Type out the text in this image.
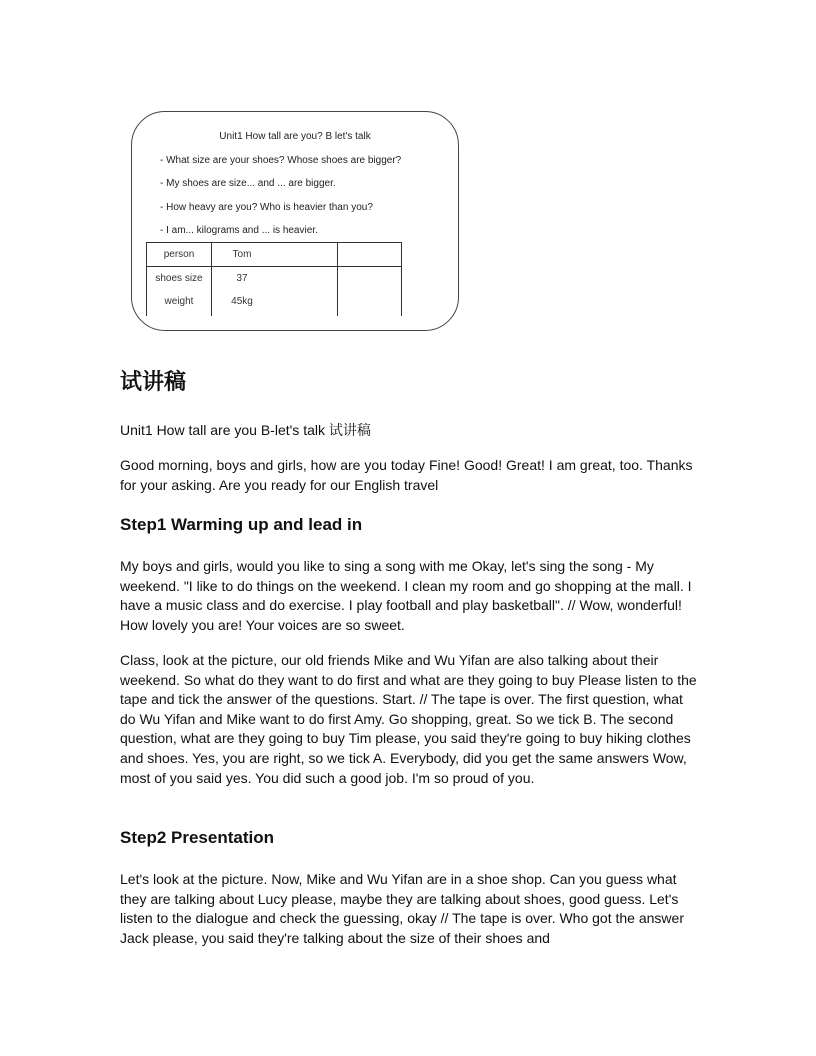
Unit1 How tall are you? B let's talk
- What size are your shoes? Whose shoes are bigger?
- My shoes are size... and ... are bigger.
- How heavy are you? Who is heavier than you?
- I am... kilograms and ... is heavier.
person	Tom
shoes size	37
weight	45kg
试讲稿

Unit1 How tall are you B-let's talk 试讲稿

Good morning, boys and girls, how are you today Fine! Good! Great! I am great, too. Thanks for your asking. Are you ready for our English travel

Step1 Warming up and lead in

My boys and girls, would you like to sing a song with me Okay, let's sing the song - My weekend. "I like to do things on the weekend. I clean my room and go shopping at the mall. I have a music class and do exercise. I play football and play basketball". // Wow, wonderful! How lovely you are! Your voices are so sweet.

Class, look at the picture, our old friends Mike and Wu Yifan are also talking about their weekend. So what do they want to do first and what are they going to buy Please listen to the tape and tick the answer of the questions. Start. // The tape is over. The first question, what do Wu Yifan and Mike want to do first Amy. Go shopping, great. So we tick B. The second question, what are they going to buy Tim please, you said they're going to buy hiking clothes and shoes. Yes, you are right, so we tick A. Everybody, did you get the same answers Wow, most of you said yes. You did such a good job. I'm so proud of you.

Step2 Presentation

Let's look at the picture. Now, Mike and Wu Yifan are in a shoe shop. Can you guess what they are talking about Lucy please, maybe they are talking about shoes, good guess. Let's listen to the dialogue and check the guessing, okay // The tape is over. Who got the answer Jack please, you said they're talking about the size of their shoes and
